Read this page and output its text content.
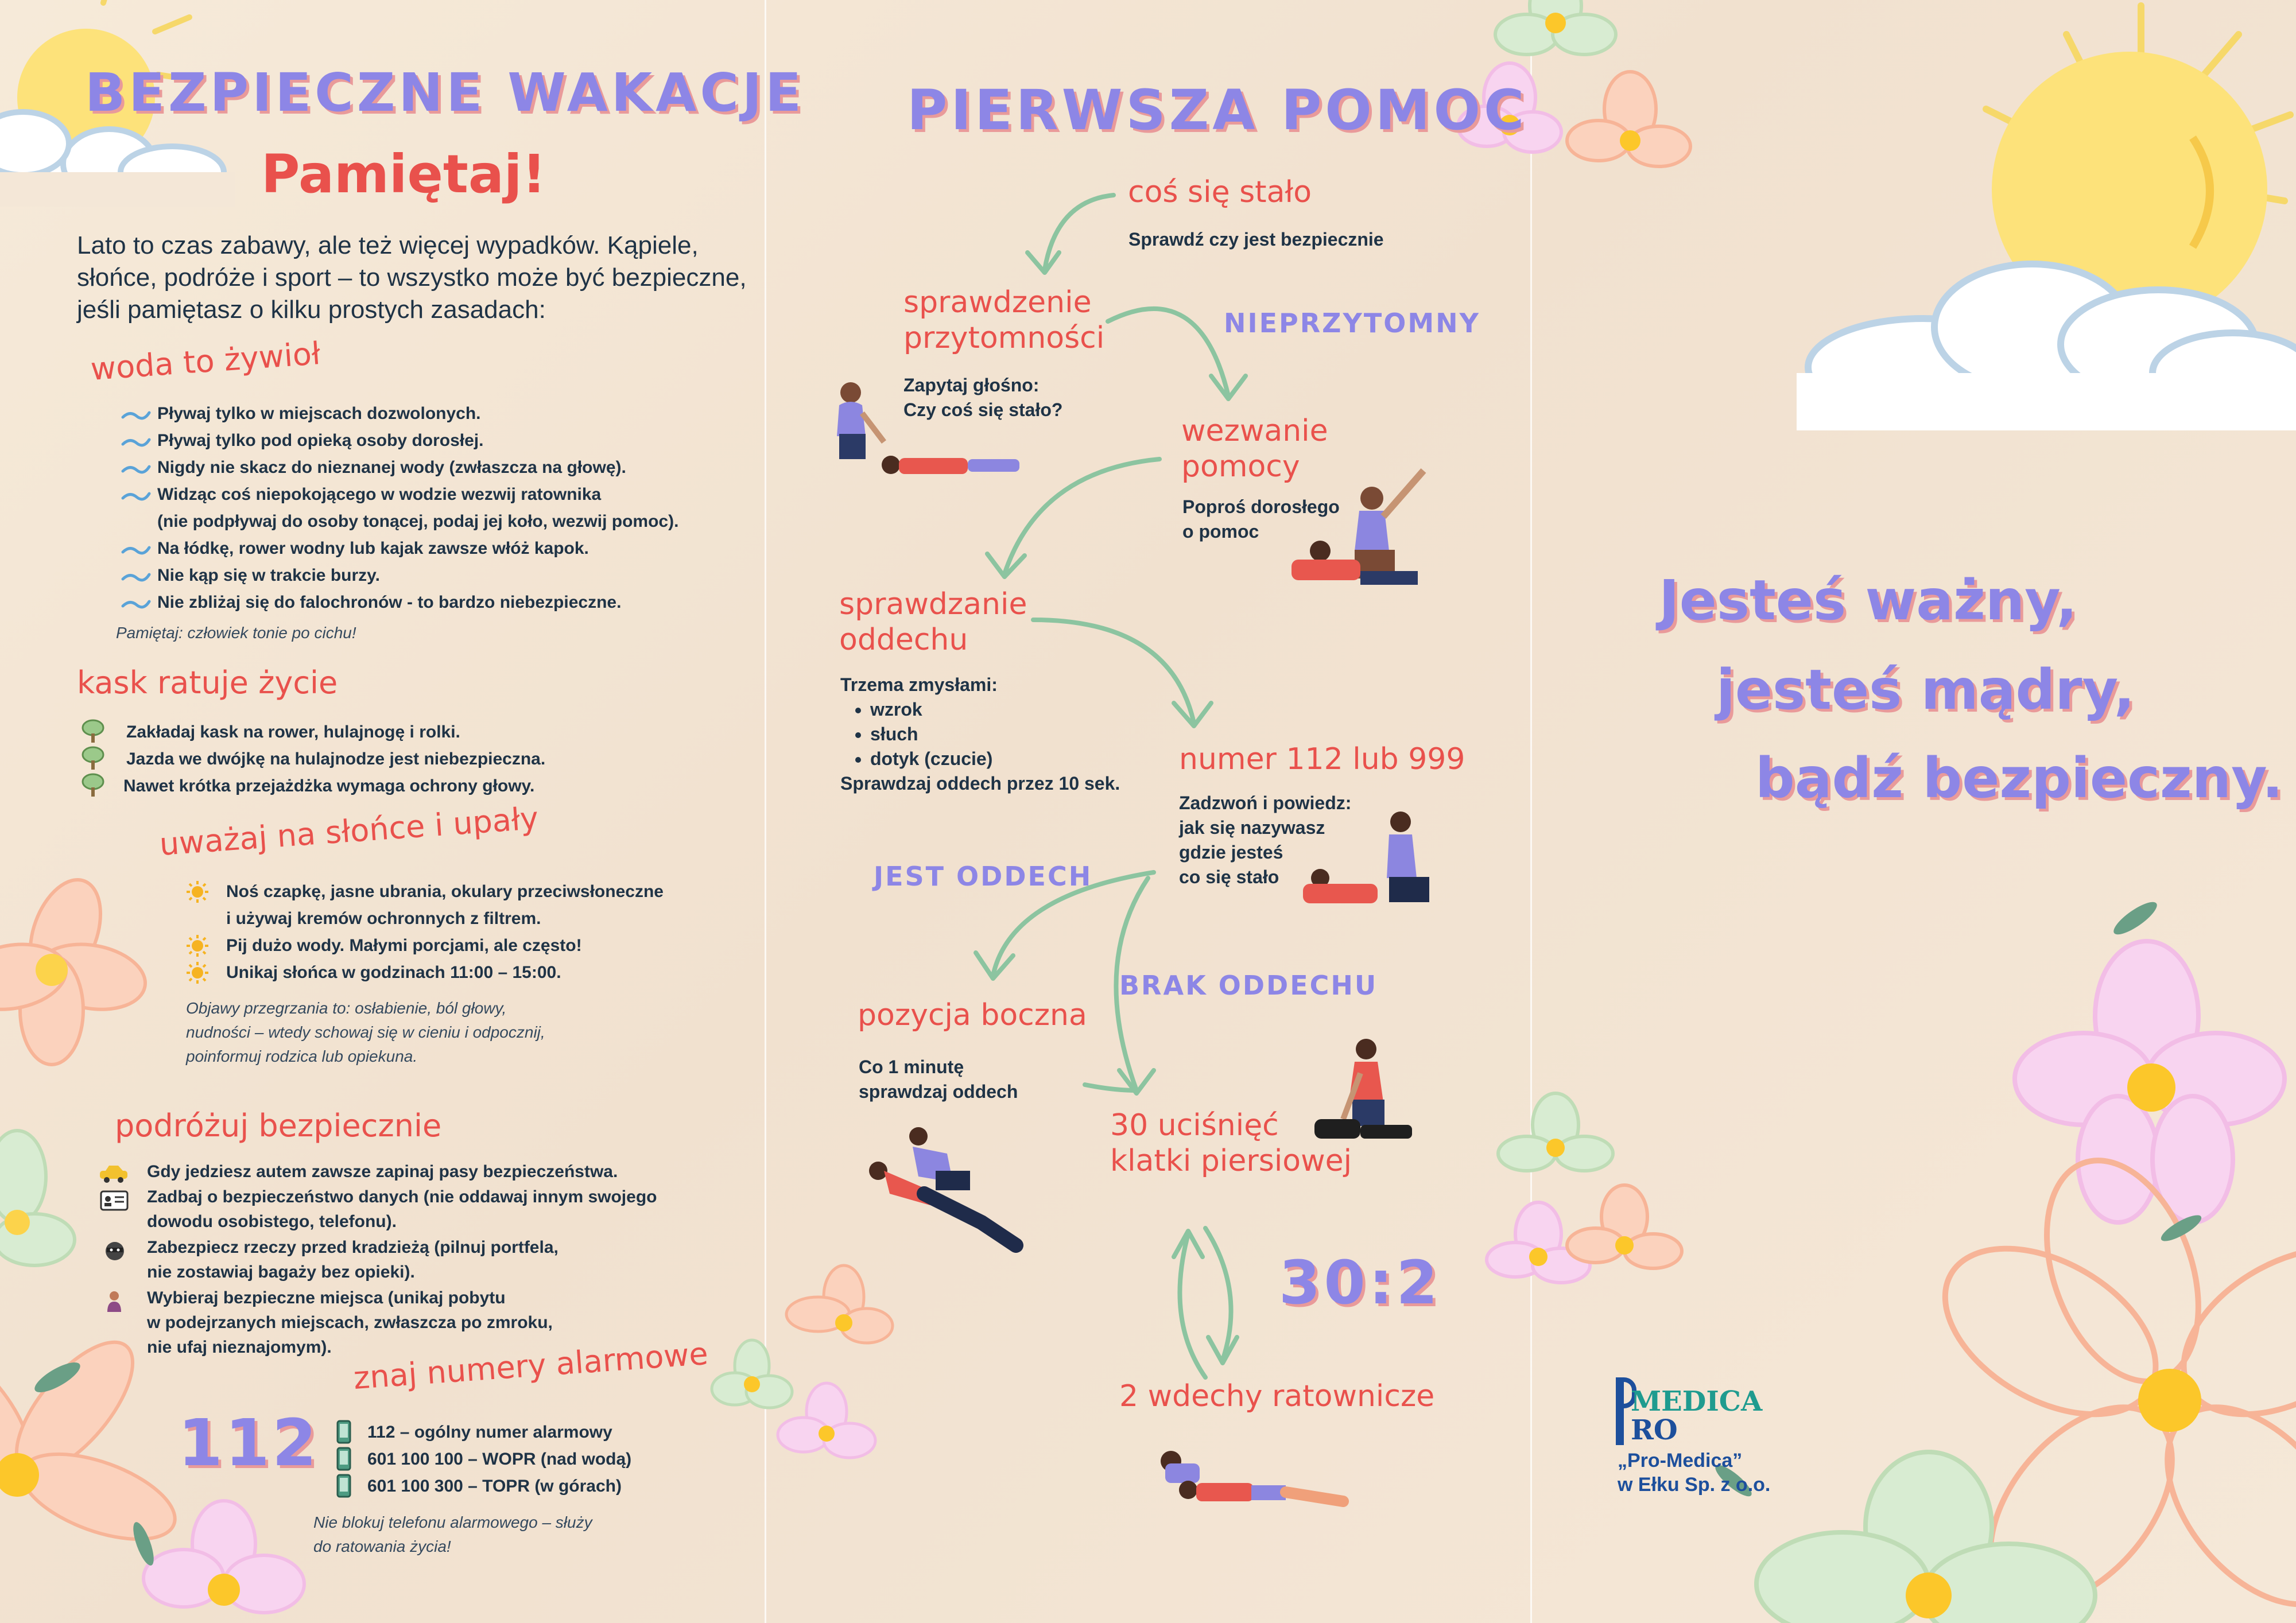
BEZPIECZNE WAKACJE
Pamiętaj!
Lato to czas zabawy, ale też więcej wypadków. Kąpiele,
słońce, podróże i sport – to wszystko może być bezpieczne,
jeśli pamiętasz o kilku prostych zasadach:
woda to żywioł
Pływaj tylko w miejscach dozwolonych.
Pływaj tylko pod opieką osoby dorosłej.
Nigdy nie skacz do nieznanej wody (zwłaszcza na głowę).
Widząc coś niepokojącego w wodzie wezwij ratownika
(nie podpływaj do osoby tonącej, podaj jej koło, wezwij pomoc).
Na łódkę, rower wodny lub kajak zawsze włóż kapok.
Nie kąp się w trakcie burzy.
Nie zbliżaj się do falochronów - to bardzo niebezpieczne.
Pamiętaj: człowiek tonie po cichu!
kask ratuje życie
Zakładaj kask na rower, hulajnogę i rolki.
Jazda we dwójkę na hulajnodze jest niebezpieczna.
Nawet krótka przejażdżka wymaga ochrony głowy.
uważaj na słońce i upały
Noś czapkę, jasne ubrania, okulary przeciwsłoneczne
i używaj kremów ochronnych z filtrem.
Pij dużo wody. Małymi porcjami, ale często!
Unikaj słońca w godzinach 11:00 – 15:00.
Objawy przegrzania to: osłabienie, ból głowy,
nudności – wtedy schowaj się w cieniu i odpocznij,
poinformuj rodzica lub opiekuna.
podróżuj bezpiecznie
Gdy jedziesz autem zawsze zapinaj pasy bezpieczeństwa.
Zadbaj o bezpieczeństwo danych (nie oddawaj innym swojego
dowodu osobistego, telefonu).
Zabezpiecz rzeczy przed kradzieżą (pilnuj portfela,
nie zostawiaj bagaży bez opieki).
Wybieraj bezpieczne miejsca (unikaj pobytu
w podejrzanych miejscach, zwłaszcza po zmroku,
nie ufaj nieznajomym). znaj numery alarmowe
112	112 – ogólny numer alarmowy
601 100 100 – WOPR (nad wodą)
601 100 300 – TOPR (w górach)
Nie blokuj telefonu alarmowego – służy
do ratowania życia!
PIERWSZA POMOC
coś się stało
Sprawdź czy jest bezpiecznie
sprawdzenie
przytomności
Zapytaj głośno:
Czy coś się stało?
NIEPRZYTOMNY
wezwanie
pomocy
Poproś dorosłego
o pomoc
sprawdzanie
oddechu
Trzema zmysłami:
• wzrok
• słuch
• dotyk (czucie)
Sprawdzaj oddech przez 10 sek.
numer 112 lub 999
Zadzwoń i powiedz:
jak się nazywasz
gdzie jesteś
co się stało
JEST ODDECH
BRAK ODDECHU
pozycja boczna
Co 1 minutę
sprawdzaj oddech
30 uciśnięć
klatki piersiowej
30:2
2 wdechy ratownicze
Jesteś ważny,
jesteś mądry,
bądź bezpieczny.
MEDICA
RO
„Pro-Medica”
w Ełku Sp. z o.o.
